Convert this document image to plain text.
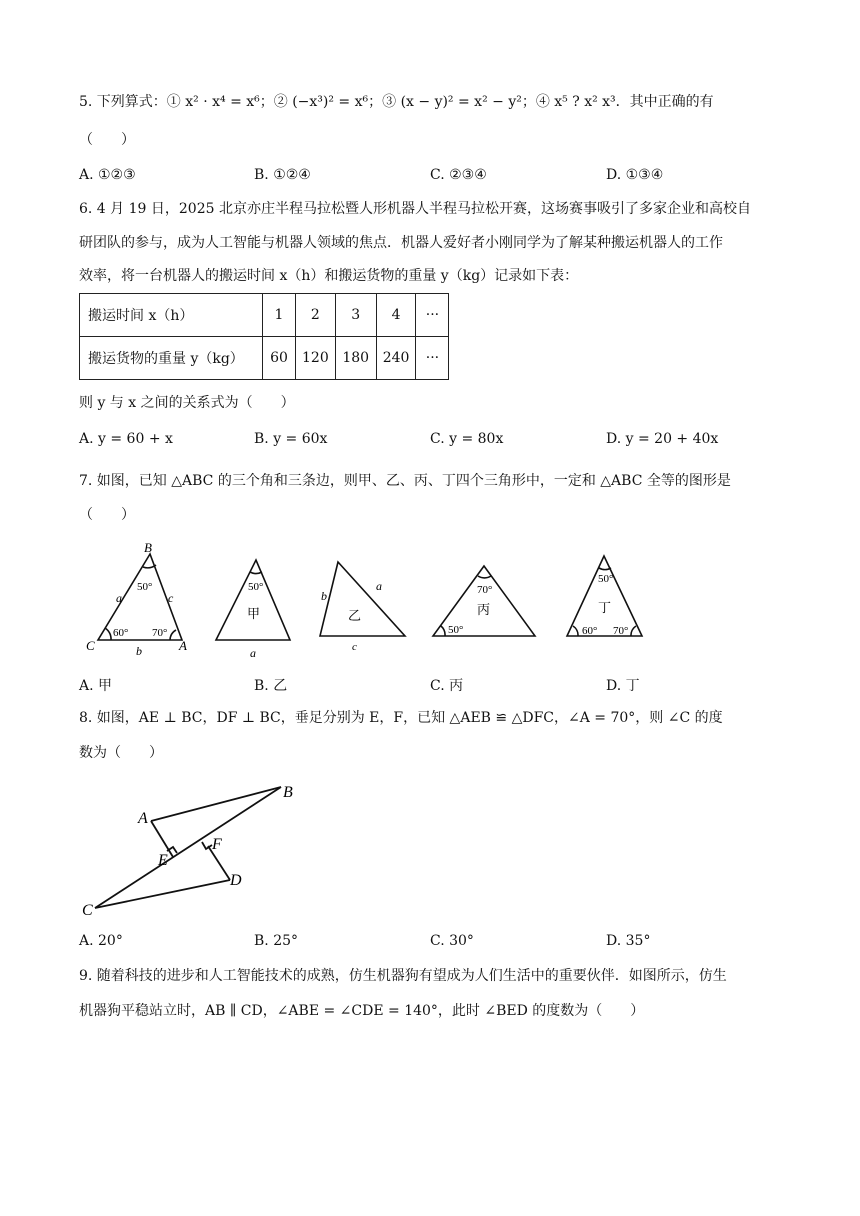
5. 下列算式：① x² · x⁴ = x⁶；② (−x³)² = x⁶；③ (x − y)² = x² − y²；④ x⁵ ? x² x³．其中正确的有
（　　）
A. ①②③	B. ①②④	C. ②③④	D. ①③④
6. 4 月 19 日，2025 北京亦庄半程马拉松暨人形机器人半程马拉松开赛，这场赛事吸引了多家企业和高校自
研团队的参与，成为人工智能与机器人领域的焦点．机器人爱好者小刚同学为了解某种搬运机器人的工作
效率，将一台机器人的搬运时间 x（h）和搬运货物的重量 y（kg）记录如下表：
搬运时间 x（h）	1	2	3	4	···
搬运货物的重量 y（kg）	60	120	180	240	···
则 y 与 x 之间的关系式为（　　）
A. y = 60 + x	B. y = 60x	C. y = 80x	D. y = 20 + 40x
7. 如图，已知 △ABC 的三个角和三条边，则甲、乙、丙、丁四个三角形中，一定和 △ABC 全等的图形是
（　　）
B
C	A
a	c
b
50°
60° 70°
50°
甲
a
b
a
乙
c
70°
丙
50°
50°
丁
60° 70°
A. 甲	B. 乙	C. 丙	D. 丁
8. 如图，AE ⊥ BC，DF ⊥ BC，垂足分别为 E，F，已知 △AEB ≌ △DFC，∠A = 70°，则 ∠C 的度
数为（　　）
A
B
C
D
E
F
A. 20°	B. 25°	C. 30°	D. 35°
9. 随着科技的进步和人工智能技术的成熟，仿生机器狗有望成为人们生活中的重要伙伴．如图所示，仿生
机器狗平稳站立时，AB ∥ CD，∠ABE = ∠CDE = 140°，此时 ∠BED 的度数为（　　）
